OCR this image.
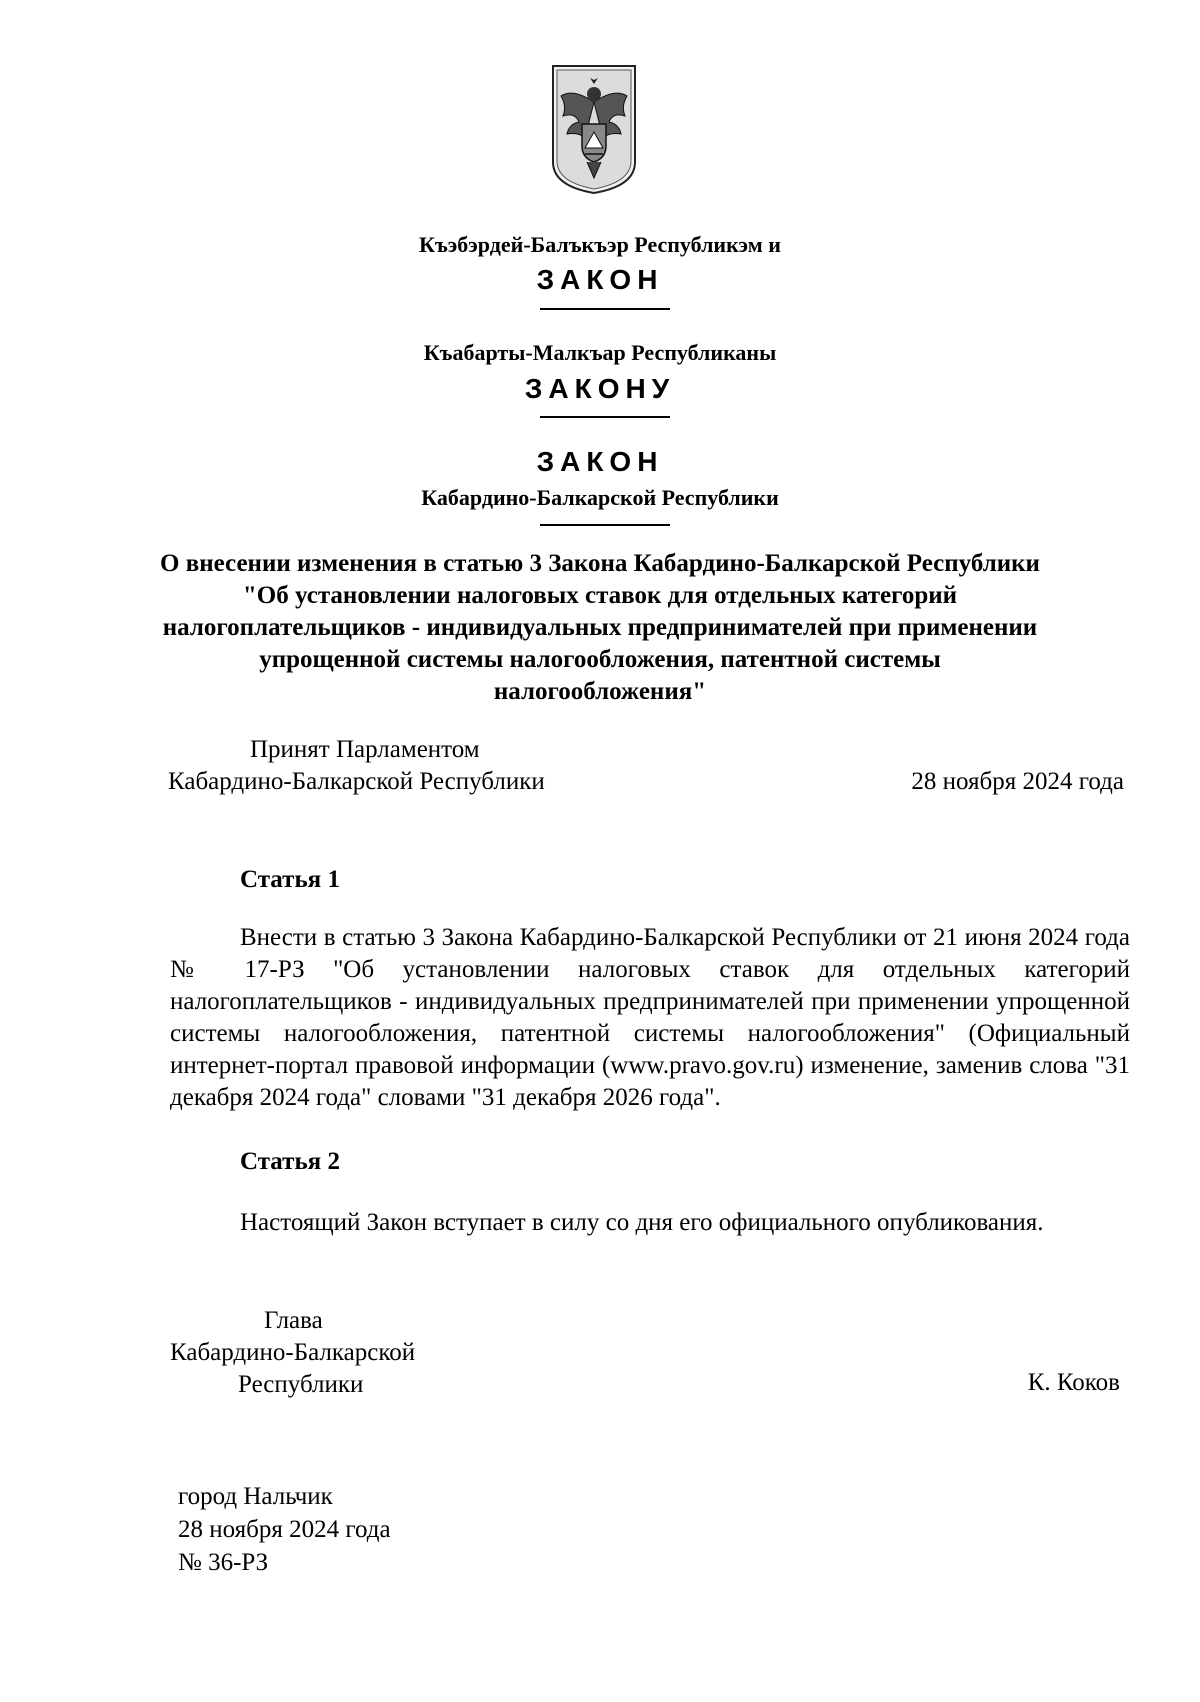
Къэбэрдей-Балъкъэр Республикэм и
ЗАКОН
Къабарты-Малкъар Республиканы
ЗАКОНУ
ЗАКОН
Кабардино-Балкарской Республики
О внесении изменения в статью 3 Закона Кабардино-Балкарской Республики "Об установлении налоговых ставок для отдельных категорий налогоплательщиков - индивидуальных предпринимателей при применении упрощенной системы налогообложения, патентной системы налогообложения"
Принят Парламентом
Кабардино-Балкарской Республики	28 ноября 2024 года
Статья 1

Внести в статью 3 Закона Кабардино-Балкарской Республики от 21 июня 2024 года № 17-РЗ "Об установлении налоговых ставок для отдельных категорий налогоплательщиков - индивидуальных предпринимателей при применении упрощенной системы налогообложения, патентной системы налогообложения" (Официальный интернет-портал правовой информации (www.pravo.gov.ru) изменение, заменив слова "31 декабря 2024 года" словами "31 декабря 2026 года".

Статья 2

Настоящий Закон вступает в силу со дня его официального опубликования.

Глава
Кабардино-Балкарской
Республики	К. Коков
город Нальчик
28 ноября 2024 года
№ 36-РЗ
